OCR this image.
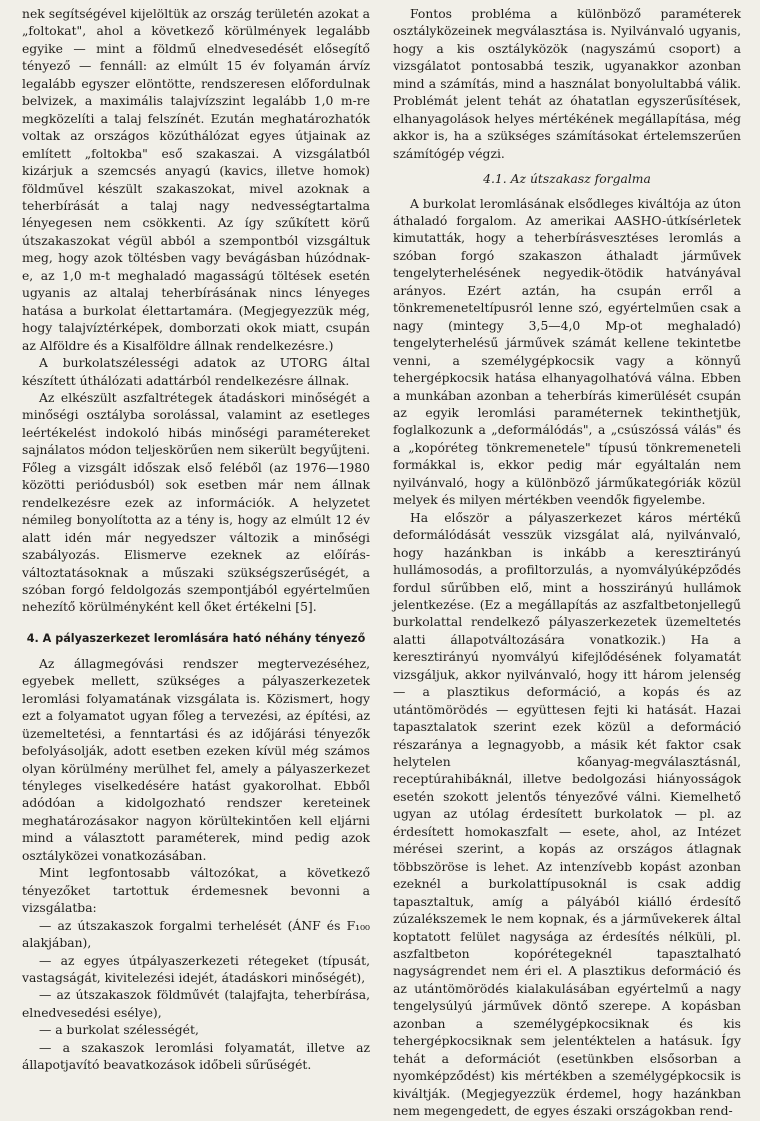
nek segítségével kijelöltük az ország területén azokat a „foltokat", ahol a következő körülmények legalább egyike — mint a földmű elnedvesedését elősegítő tényező — fennáll: az elmúlt 15 év folyamán árvíz legalább egyszer elöntötte, rendszeresen előfordulnak belvizek, a maximális talajvízszint legalább 1,0 m-re megközelíti a talaj felszínét. Ezután meghatározhatók voltak az országos közúthálózat egyes útjainak az említett „foltokba" eső szakaszai. A vizsgálatból kizárjuk a szemcsés anyagú (kavics, illetve homok) földművel készült szakaszokat, mivel azoknak a teherbírását a talaj nagy nedvességtartalma lényegesen nem csökkenti. Az így szűkített körű útszakaszokat végül abból a szempontból vizsgáltuk meg, hogy azok töltésben vagy bevágásban húzódnak-e, az 1,0 m-t meghaladó magasságú töltések esetén ugyanis az altalaj teherbírásának nincs lényeges hatása a burkolat élettartamára. (Megjegyezzük még, hogy talajvíztérképek, domborzati okok miatt, csupán az Alföldre és a Kisalföldre állnak rendelkezésre.)

A burkolatszélességi adatok az UTORG által készített úthálózati adattárból rendelkezésre állnak.

Az elkészült aszfaltrétegek átadáskori minőségét a minőségi osztályba sorolással, valamint az esetleges leértékelést indokoló hibás minőségi paramétereket sajnálatos módon teljeskörűen nem sikerült begyűjteni. Főleg a vizsgált időszak első feléből (az 1976—1980 közötti periódusból) sok esetben már nem állnak rendelkezésre ezek az információk. A helyzetet némileg bonyolította az a tény is, hogy az elmúlt 12 év alatt idén már negyedszer változik a minőségi szabályozás. Elismerve ezeknek az előírás-változtatásoknak a műszaki szükségszerűségét, a szóban forgó feldolgozás szempontjából egyértelműen nehezítő körülményként kell őket értékelni [5].

4. A pályaszerkezet leromlására ható néhány tényező

Az állagmegóvási rendszer megtervezéséhez, egyebek mellett, szükséges a pályaszerkezetek leromlási folyamatának vizsgálata is. Közismert, hogy ezt a folyamatot ugyan főleg a tervezési, az építési, az üzemeltetési, a fenntartási és az időjárási tényezők befolyásolják, adott esetben ezeken kívül még számos olyan körülmény merülhet fel, amely a pályaszerkezet tényleges viselkedésére hatást gyakorolhat. Ebből adódóan a kidolgozható rendszer kereteinek meghatározásakor nagyon körültekintően kell eljárni mind a választott paraméterek, mind pedig azok osztályközei vonatkozásában.

Mint legfontosabb változókat, a következő tényezőket tartottuk érdemesnek bevonni a vizsgálatba:

— az útszakaszok forgalmi terhelését (ÁNF és F₁₀₀ alakjában),
— az egyes útpályaszerkezeti rétegeket (típusát, vastagságát, kivitelezési idejét, átadáskori minőségét),
— az útszakaszok földművét (talajfajta, teherbírása, elnedvesedési esélye),
— a burkolat szélességét,
— a szakaszok leromlási folyamatát, illetve az állapotjavító beavatkozások időbeli sűrűségét.

Fontos probléma a különböző paraméterek osztályközeinek megválasztása is. Nyilvánvaló ugyanis, hogy a kis osztályközök (nagyszámú csoport) a vizsgálatot pontosabbá teszik, ugyanakkor azonban mind a számítás, mind a használat bonyolultabbá válik. Problémát jelent tehát az óhatatlan egyszerűsítések, elhanyagolások helyes mértékének megállapítása, még akkor is, ha a szükséges számításokat értelemszerűen számítógép végzi.

4.1. Az útszakasz forgalma

A burkolat leromlásának elsődleges kiváltója az úton áthaladó forgalom. Az amerikai AASHO-útkísérletek kimutatták, hogy a teherbírásvesztéses leromlás a szóban forgó szakaszon áthaladt járművek tengelyterhelésének negyedik-ötödik hatványával arányos. Ezért aztán, ha csupán erről a tönkremeneteltípusról lenne szó, egyértelműen csak a nagy (mintegy 3,5—4,0 Mp-ot meghaladó) tengelyterhelésű járművek számát kellene tekintetbe venni, a személygépkocsik vagy a könnyű tehergépkocsik hatása elhanyagolhatóvá válna. Ebben a munkában azonban a teherbírás kimerülését csupán az egyik leromlási paraméternek tekinthetjük, foglalkozunk a „deformálódás", a „csúszóssá válás" és a „kopóréteg tönkremenetele" típusú tönkremeneteli formákkal is, ekkor pedig már egyáltalán nem nyilvánvaló, hogy a különböző járműkategóriák közül melyek és milyen mértékben veendők figyelembe.

Ha először a pályaszerkezet káros mértékű deformálódását vesszük vizsgálat alá, nyilvánvaló, hogy hazánkban is inkább a keresztirányú hullámosodás, a profiltorzulás, a nyomvályúképződés fordul sűrűbben elő, mint a hosszirányú hullámok jelentkezése. (Ez a megállapítás az aszfaltbetonjellegű burkolattal rendelkező pályaszerkezetek üzemeltetés alatti állapotváltozására vonatkozik.) Ha a keresztirányú nyomvályú kifejlődésének folyamatát vizsgáljuk, akkor nyilvánvaló, hogy itt három jelenség — a plasztikus deformáció, a kopás és az utántömörödés — együttesen fejti ki hatását. Hazai tapasztalatok szerint ezek közül a deformáció részaránya a legnagyobb, a másik két faktor csak helytelen kőanyag-megválasztásnál, receptúrahibáknál, illetve bedolgozási hiányosságok esetén szokott jelentős tényezővé válni. Kiemelhető ugyan az utólag érdesített burkolatok — pl. az érdesített homokaszfalt — esete, ahol, az Intézet mérései szerint, a kopás az országos átlagnak többszöröse is lehet. Az intenzívebb kopást azonban ezeknél a burkolattípusoknál is csak addig tapasztaltuk, amíg a pályából kiálló érdesítő zúzalékszemek le nem kopnak, és a járművekerek által koptatott felület nagysága az érdesítés nélküli, pl. aszfaltbeton kopórétegeknél tapasztalható nagyságrendet nem éri el. A plasztikus deformáció és az utántömörödés kialakulásában egyértelmű a nagy tengelysúlyú járművek döntő szerepe. A kopásban azonban a személygépkocsiknak és kis tehergépkocsiknak sem jelentéktelen a hatásuk. Így tehát a deformációt (esetünkben elsősorban a nyomképződést) kis mértékben a személygépkocsik is kiváltják. (Megjegyezzük érdemel, hogy hazánkban nem megengedett, de egyes északi országokban rend-
